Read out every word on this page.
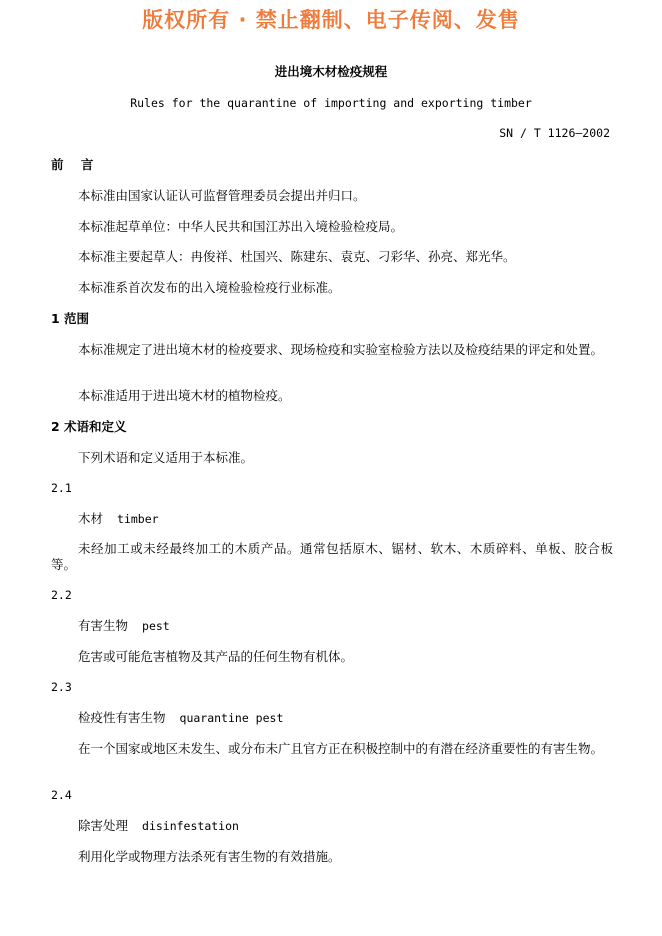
版权所有 · 禁止翻制、电子传阅、发售
进出境木材检疫规程
Rules for the quarantine of importing and exporting timber
SN / T 1126—2002
前    言
本标准由国家认证认可监督管理委员会提出并归口。
本标准起草单位：中华人民共和国江苏出入境检验检疫局。
本标准主要起草人：冉俊祥、杜国兴、陈建东、袁克、刁彩华、孙亮、郑光华。
本标准系首次发布的出入境检验检疫行业标准。
1 范围
本标准规定了进出境木材的检疫要求、现场检疫和实验室检验方法以及检疫结果的评定和处置。
本标准适用于进出境木材的植物检疫。
2 术语和定义
下列术语和定义适用于本标准。
2.1
木材 timber
未经加工或未经最终加工的木质产品。通常包括原木、锯材、软木、木质碎料、单板、胶合板等。
2.2
有害生物 pest
危害或可能危害植物及其产品的任何生物有机体。
2.3
检疫性有害生物 quarantine pest
在一个国家或地区未发生、或分布未广且官方正在积极控制中的有潜在经济重要性的有害生物。
2.4
除害处理 disinfestation
利用化学或物理方法杀死有害生物的有效措施。
